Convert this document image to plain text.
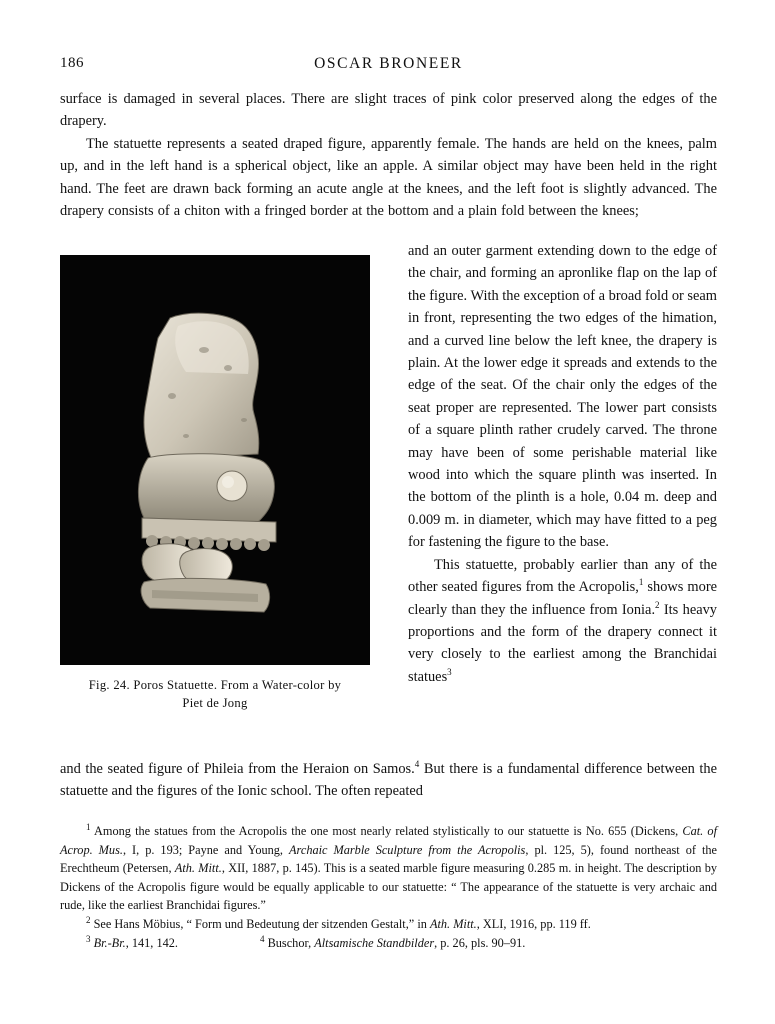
186	OSCAR BRONEER

surface is damaged in several places. There are slight traces of pink color preserved along the edges of the drapery.

The statuette represents a seated draped figure, apparently female. The hands are held on the knees, palm up, and in the left hand is a spherical object, like an apple. A similar object may have been held in the right hand. The feet are drawn back forming an acute angle at the knees, and the left foot is slightly advanced. The drapery consists of a chiton with a fringed border at the bottom and a plain fold between the knees;

Fig. 24. Poros Statuette. From a Water-color by
Piet de Jong

and an outer garment extending down to the edge of the chair, and forming an apronlike flap on the lap of the figure. With the exception of a broad fold or seam in front, representing the two edges of the himation, and a curved line below the left knee, the drapery is plain. At the lower edge it spreads and extends to the edge of the seat. Of the chair only the edges of the seat proper are represented. The lower part consists of a square plinth rather crudely carved. The throne may have been of some perishable material like wood into which the square plinth was inserted. In the bottom of the plinth is a hole, 0.04 m. deep and 0.009 m. in diameter, which may have fitted to a peg for fastening the figure to the base.

This statuette, probably earlier than any of the other seated figures from the Acropolis,$^1$ shows more clearly than they the influence from Ionia.$^2$ Its heavy proportions and the form of the drapery connect it very closely to the earliest among the Branchidai statues$^3$

and the seated figure of Phileia from the Heraion on Samos.$^4$ But there is a fundamental difference between the statuette and the figures of the Ionic school. The often repeated

$^1$ Among the statues from the Acropolis the one most nearly related stylistically to our statuette is No. 655 (Dickens, Cat. of Acrop. Mus., I, p. 193; Payne and Young, Archaic Marble Sculpture from the Acropolis, pl. 125, 5), found northeast of the Erechtheum (Petersen, Ath. Mitt., XII, 1887, p. 145). This is a seated marble figure measuring 0.285 m. in height. The description by Dickens of the Acropolis figure would be equally applicable to our statuette: “ The appearance of the statuette is very archaic and rude, like the earliest Branchidai figures.”

$^2$ See Hans Möbius, “ Form und Bedeutung der sitzenden Gestalt,” in Ath. Mitt., XLI, 1916, pp. 119 ff.

$^3$ Br.-Br., 141, 142.	$^4$ Buschor, Altsamische Standbilder, p. 26, pls. 90–91.
